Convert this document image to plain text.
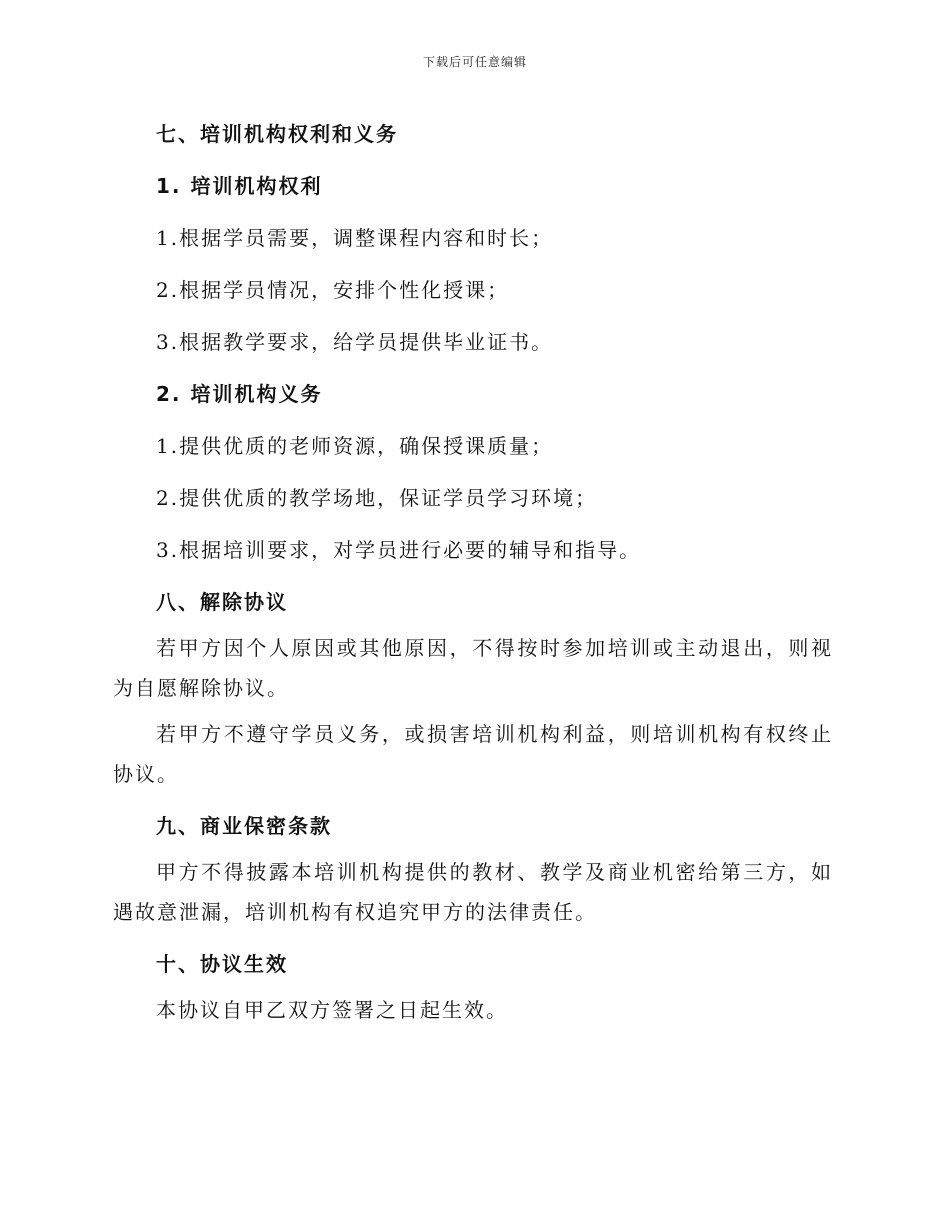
下载后可任意编辑
七、培训机构权利和义务
1. 培训机构权利
1.根据学员需要，调整课程内容和时长；
2.根据学员情况，安排个性化授课；
3.根据教学要求，给学员提供毕业证书。
2. 培训机构义务
1.提供优质的老师资源，确保授课质量；
2.提供优质的教学场地，保证学员学习环境；
3.根据培训要求，对学员进行必要的辅导和指导。
八、解除协议

若甲方因个人原因或其他原因，不得按时参加培训或主动退出，则视为自愿解除协议。

若甲方不遵守学员义务，或损害培训机构利益，则培训机构有权终止协议。

九、商业保密条款

甲方不得披露本培训机构提供的教材、教学及商业机密给第三方，如遇故意泄漏，培训机构有权追究甲方的法律责任。

十、协议生效

本协议自甲乙双方签署之日起生效。
